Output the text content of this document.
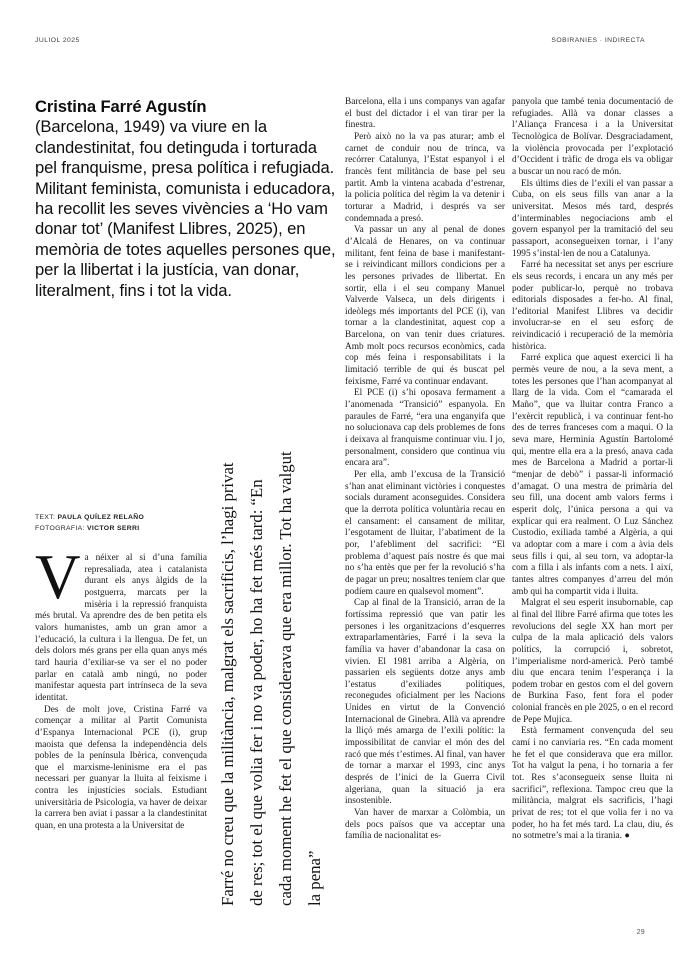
JULIOL 2025	SOBIRANIES · INDIRECTA
Cristina Farré Agustín
(Barcelona, 1949) va viure en la clandestinitat, fou detinguda i torturada pel franquisme, presa política i refugiada. Militant feminista, comunista i educadora, ha recollit les seves vivències a ‘Ho vam donar tot’ (Manifest Llibres, 2025), en memòria de totes aquelles persones que, per la llibertat i la justícia, van donar, literalment, fins i tot la vida.
TEXT: PAULA QUÍLEZ RELAÑO
FOTOGRAFIA: VICTOR SERRI

Va néixer al si d’una família represaliada, atea i catalanista durant els anys àlgids de la postguerra, marcats per la misèria i la repressió franquista més brutal. Va aprendre des de ben petita els valors humanistes, amb un gran amor a l’educació, la cultura i la llengua. De fet, un dels dolors més grans per ella quan anys més tard hauria d’exiliar-se va ser el no poder parlar en català amb ningú, no poder manifestar aquesta part intrínseca de la seva identitat.

Des de molt jove, Cristina Farré va començar a militar al Partit Comunista d’Espanya Internacional PCE (i), grup maoista que defensa la independència dels pobles de la península Ibèrica, convençuda que el marxisme-leninisme era el pas necessari per guanyar la lluita al feixisme i contra les injustícies socials. Estudiant universitària de Psicologia, va haver de deixar la carrera ben aviat i passar a la clandestinitat quan, en una protesta a la Universitat de	Farré no creu que la militància, malgrat els sacrificis, l’hagi privat de res; tot el que volia fer i no va poder, ho ha fet més tard: “En cada moment he fet el que considerava que era millor. Tot ha valgut la pena”

Barcelona, ella i uns companys van agafar el bust del dictador i el van tirar per la finestra.

Però això no la va pas aturar; amb el carnet de conduir nou de trinca, va recórrer Catalunya, l’Estat espanyol i el francès fent militància de base pel seu partit. Amb la vintena acabada d’estrenar, la policia política del règim la va detenir i torturar a Madrid, i després va ser condemnada a presó.

Va passar un any al penal de dones d’Alcalá de Henares, on va continuar militant, fent feina de base i manifestant-se i reivindicant millors condicions per a les persones privades de llibertat. En sortir, ella i el seu company Manuel Valverde Valseca, un dels dirigents i ideòlegs més importants del PCE (i), van tornar a la clandestinitat, aquest cop a Barcelona, on van tenir dues criatures. Amb molt pocs recursos econòmics, cada cop més feina i responsabilitats i la limitació terrible de qui és buscat pel feixisme, Farré va continuar endavant.

El PCE (i) s’hi oposava fermament a l’anomenada “Transició” espanyola. En paraules de Farré, “era una enganyifa que no solucionava cap dels problemes de fons i deixava al franquisme continuar viu. I jo, personalment, considero que continua viu encara ara”.

Per ella, amb l’excusa de la Transició s’han anat eliminant victòries i conquestes socials durament aconseguides. Considera que la derrota política voluntària recau en el cansament: el cansament de militar, l’esgotament de lluitar, l’abatiment de la por, l’afebliment del sacrifici: “El problema d’aquest país nostre és que mai no s’ha entès que per fer la revolució s’ha de pagar un preu; nosaltres teníem clar que podíem caure en qualsevol moment”.

Cap al final de la Transició, arran de la fortíssima repressió que van patir les persones i les organitzacions d’esquerres extraparlamentàries, Farré i la seva la família va haver d’abandonar la casa on vivien. El 1981 arriba a Algèria, on passarien els següents dotze anys amb l’estatus d’exiliades polítiques, reconegudes oficialment per les Nacions Unides en virtut de la Convenció Internacional de Ginebra. Allà va aprendre la lliçó més amarga de l’exili polític: la impossibilitat de canviar el món des del racó que més t’estimes. Al final, van haver de tornar a marxar el 1993, cinc anys després de l’inici de la Guerra Civil algeriana, quan la situació ja era insostenible.

Van haver de marxar a Colòmbia, un dels pocs països que va acceptar una família de nacionalitat es-

panyola que també tenia documentació de refugiades. Allà va donar classes a l’Aliança Francesa i a la Universitat Tecnològica de Bolívar. Desgraciadament, la violència provocada per l’explotació d’Occident i tràfic de droga els va obligar a buscar un nou racó de món.

Els últims dies de l’exili el van passar a Cuba, on els seus fills van anar a la universitat. Mesos més tard, després d’interminables negociacions amb el govern espanyol per la tramitació del seu passaport, aconsegueixen tornar, i l’any 1995 s’instal·len de nou a Catalunya.

Farré ha necessitat set anys per escriure els seus records, i encara un any més per poder publicar-lo, perquè no trobava editorials disposades a fer-ho. Al final, l’editorial Manifest Llibres va decidir involucrar-se en el seu esforç de reivindicació i recuperació de la memòria històrica.

Farré explica que aquest exercici li ha permès veure de nou, a la seva ment, a totes les persones que l’han acompanyat al llarg de la vida. Com el “camarada el Maño”, que va lluitar contra Franco a l’exèrcit republicà, i va continuar fent-ho des de terres franceses com a maqui. O la seva mare, Herminia Agustín Bartolomé qui, mentre ella era a la presó, anava cada mes de Barcelona a Madrid a portar-li “menjar de debò” i passar-li informació d’amagat. O una mestra de primària del seu fill, una docent amb valors ferms i esperit dolç, l’única persona a qui va explicar qui era realment. O Luz Sánchez Custodio, exiliada també a Algèria, a qui va adoptar com a mare i com a àvia dels seus fills i qui, al seu torn, va adoptar-la com a filla i als infants com a nets. I així, tantes altres companyes d’arreu del món amb qui ha compartit vida i lluita.

Malgrat el seu esperit insubornable, cap al final del llibre Farré afirma que totes les revolucions del segle XX han mort per culpa de la mala aplicació dels valors polítics, la corrupció i, sobretot, l’imperialisme nord-americà. Però també diu que encara tenim l’esperança i la podem trobar en gestos com el del govern de Burkina Faso, fent fora el poder colonial francès en ple 2025, o en el record de Pepe Mujica.

Està fermament convençuda del seu camí i no canviaria res. “En cada moment he fet el que considerava que era millor. Tot ha valgut la pena, i ho tornaria a fer tot. Res s’aconsegueix sense lluita ni sacrifici”, reflexiona. Tampoc creu que la militància, malgrat els sacrificis, l’hagi privat de res; tot el que volia fer i no va poder, ho ha fet més tard. La clau, diu, és no sotmetre’s mai a la tirania. ●

29
